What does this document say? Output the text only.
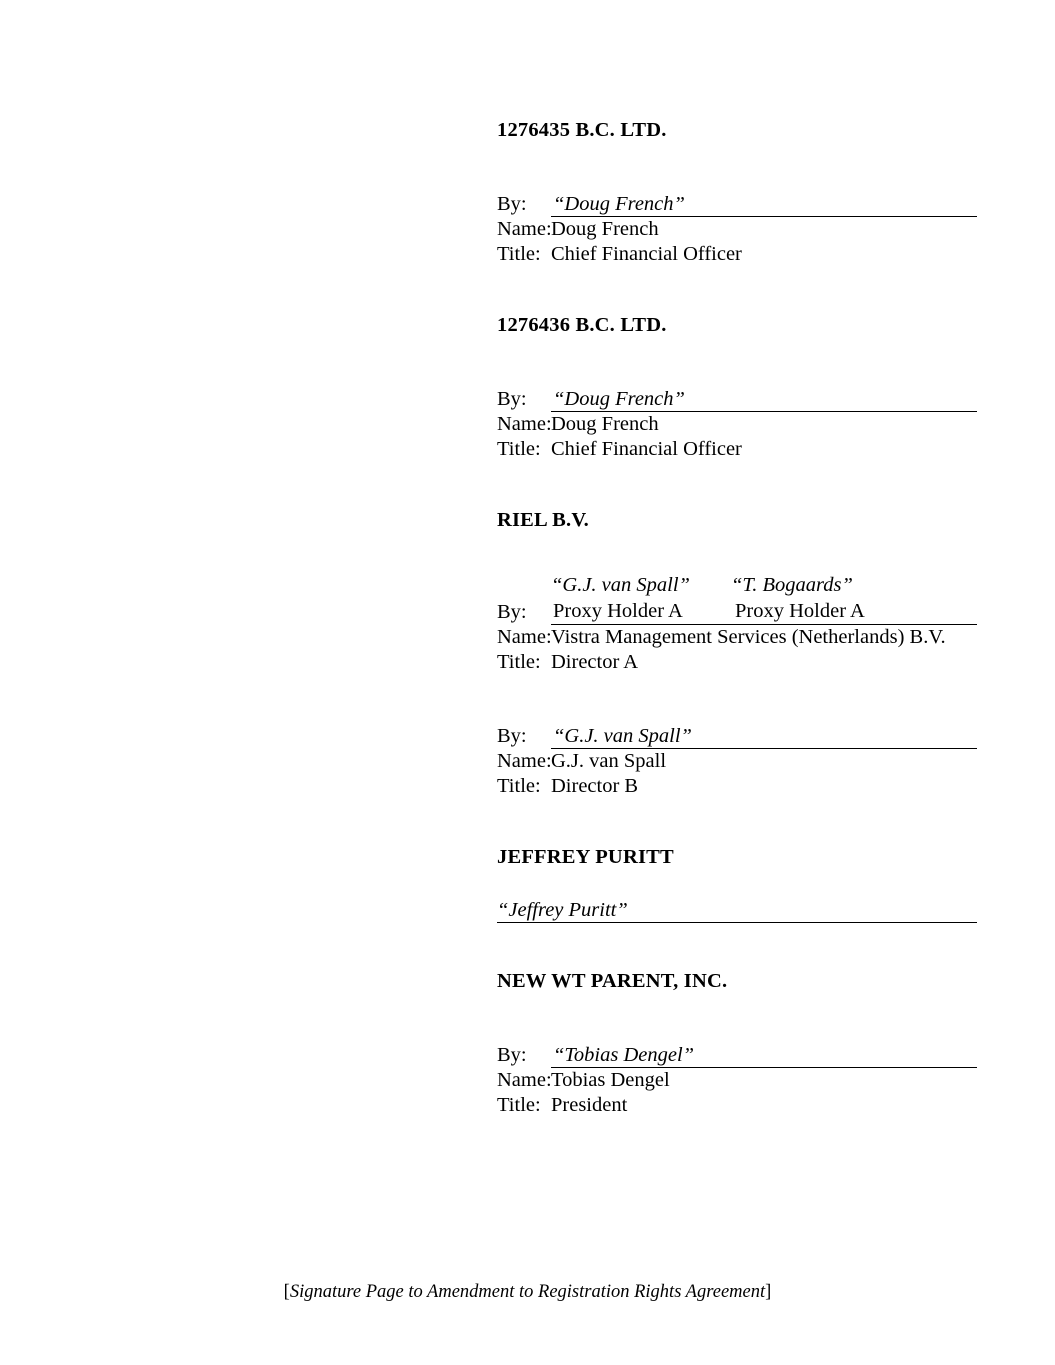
1276435 B.C. LTD.
By:	“Doug French”
Name:Doug French
Title: Chief Financial Officer
1276436 B.C. LTD.
By:	“Doug French”
Name:Doug French
Title: Chief Financial Officer
RIEL B.V.
“G.J. van Spall”	“T. Bogaards”
By:	Proxy Holder A	Proxy Holder A
Name:Vistra Management Services (Netherlands) B.V.
Title: Director A
By:	“G.J. van Spall”
Name:G.J. van Spall
Title: Director B
JEFFREY PURITT
“Jeffrey Puritt”
NEW WT PARENT, INC.
By:	“Tobias Dengel”
Name:Tobias Dengel
Title: President
[Signature Page to Amendment to Registration Rights Agreement]
